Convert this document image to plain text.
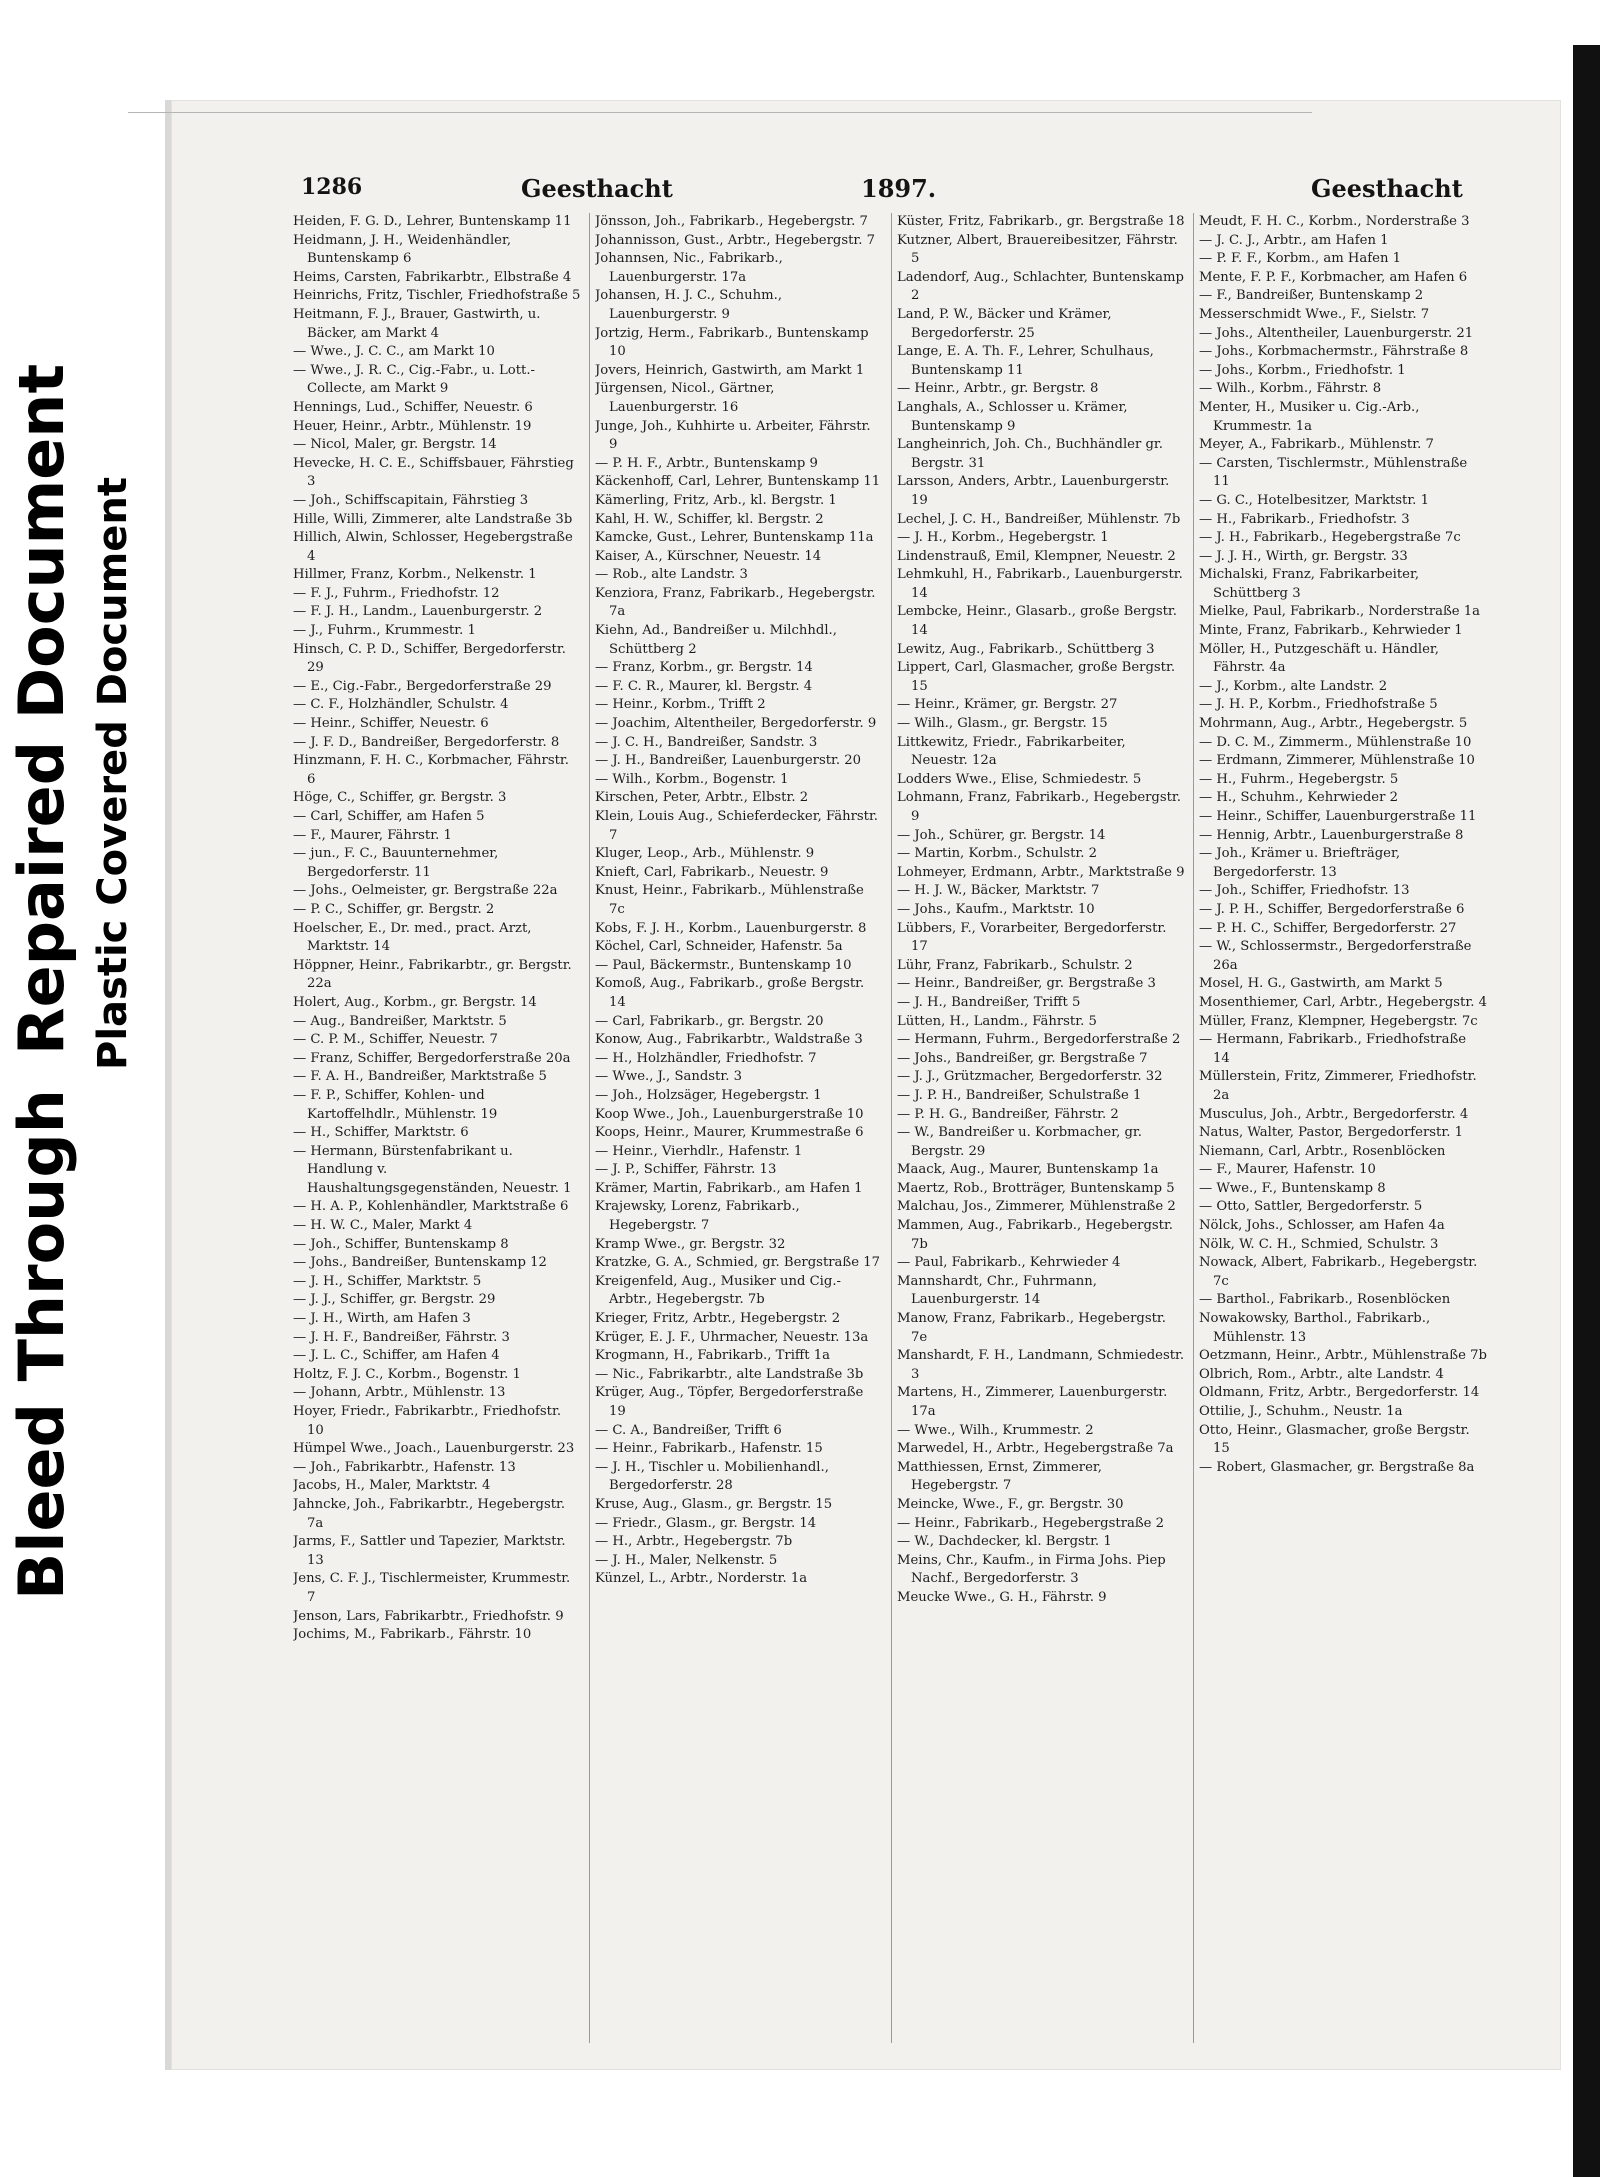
Bleed ThroughRepaired Document Plastic Covered Document
1286	Geesthacht	1897.	Geesthacht

Heiden, F. G. D., Lehrer, Buntenskamp 11

Heidmann, J. H., Weidenhändler, Buntenskamp 6

Heims, Carsten, Fabrikarbtr., Elbstraße 4

Heinrichs, Fritz, Tischler, Friedhofstraße 5

Heitmann, F. J., Brauer, Gastwirth, u. Bäcker, am Markt 4

— Wwe., J. C. C., am Markt 10

— Wwe., J. R. C., Cig.-Fabr., u. Lott.-Collecte, am Markt 9

Hennings, Lud., Schiffer, Neuestr. 6

Heuer, Heinr., Arbtr., Mühlenstr. 19

— Nicol, Maler, gr. Bergstr. 14

Hevecke, H. C. E., Schiffsbauer, Fährstieg 3

— Joh., Schiffscapitain, Fährstieg 3

Hille, Willi, Zimmerer, alte Landstraße 3b

Hillich, Alwin, Schlosser, Hegebergstraße 4

Hillmer, Franz, Korbm., Nelkenstr. 1

— F. J., Fuhrm., Friedhofstr. 12

— F. J. H., Landm., Lauenburgerstr. 2

— J., Fuhrm., Krummestr. 1

Hinsch, C. P. D., Schiffer, Bergedorferstr. 29

— E., Cig.-Fabr., Bergedorferstraße 29

— C. F., Holzhändler, Schulstr. 4

— Heinr., Schiffer, Neuestr. 6

— J. F. D., Bandreißer, Bergedorferstr. 8

Hinzmann, F. H. C., Korbmacher, Fährstr. 6

Höge, C., Schiffer, gr. Bergstr. 3

— Carl, Schiffer, am Hafen 5

— F., Maurer, Fährstr. 1

— jun., F. C., Bauunternehmer, Bergedorferstr. 11

— Johs., Oelmeister, gr. Bergstraße 22a

— P. C., Schiffer, gr. Bergstr. 2

Hoelscher, E., Dr. med., pract. Arzt, Marktstr. 14

Höppner, Heinr., Fabrikarbtr., gr. Bergstr. 22a

Holert, Aug., Korbm., gr. Bergstr. 14

— Aug., Bandreißer, Marktstr. 5

— C. P. M., Schiffer, Neuestr. 7

— Franz, Schiffer, Bergedorferstraße 20a

— F. A. H., Bandreißer, Marktstraße 5

— F. P., Schiffer, Kohlen- und Kartoffelhdlr., Mühlenstr. 19

— H., Schiffer, Marktstr. 6

— Hermann, Bürstenfabrikant u. Handlung v. Haushaltungsgegenständen, Neuestr. 1

— H. A. P., Kohlenhändler, Marktstraße 6

— H. W. C., Maler, Markt 4

— Joh., Schiffer, Buntenskamp 8

— Johs., Bandreißer, Buntenskamp 12

— J. H., Schiffer, Marktstr. 5

— J. J., Schiffer, gr. Bergstr. 29

— J. H., Wirth, am Hafen 3

— J. H. F., Bandreißer, Fährstr. 3

— J. L. C., Schiffer, am Hafen 4

Holtz, F. J. C., Korbm., Bogenstr. 1

— Johann, Arbtr., Mühlenstr. 13

Hoyer, Friedr., Fabrikarbtr., Friedhofstr. 10

Hümpel Wwe., Joach., Lauenburgerstr. 23

— Joh., Fabrikarbtr., Hafenstr. 13

Jacobs, H., Maler, Marktstr. 4

Jahncke, Joh., Fabrikarbtr., Hegebergstr. 7a

Jarms, F., Sattler und Tapezier, Marktstr. 13

Jens, C. F. J., Tischlermeister, Krummestr. 7

Jenson, Lars, Fabrikarbtr., Friedhofstr. 9

Jochims, M., Fabrikarb., Fährstr. 10

Jönsson, Joh., Fabrikarb., Hegebergstr. 7

Johannisson, Gust., Arbtr., Hegebergstr. 7

Johannsen, Nic., Fabrikarb., Lauenburgerstr. 17a

Johansen, H. J. C., Schuhm., Lauenburgerstr. 9

Jortzig, Herm., Fabrikarb., Buntenskamp 10

Jovers, Heinrich, Gastwirth, am Markt 1

Jürgensen, Nicol., Gärtner, Lauenburgerstr. 16

Junge, Joh., Kuhhirte u. Arbeiter, Fährstr. 9

— P. H. F., Arbtr., Buntenskamp 9

Käckenhoff, Carl, Lehrer, Buntenskamp 11

Kämerling, Fritz, Arb., kl. Bergstr. 1

Kahl, H. W., Schiffer, kl. Bergstr. 2

Kamcke, Gust., Lehrer, Buntenskamp 11a

Kaiser, A., Kürschner, Neuestr. 14

— Rob., alte Landstr. 3

Kenziora, Franz, Fabrikarb., Hegebergstr. 7a

Kiehn, Ad., Bandreißer u. Milchhdl., Schüttberg 2

— Franz, Korbm., gr. Bergstr. 14

— F. C. R., Maurer, kl. Bergstr. 4

— Heinr., Korbm., Trifft 2

— Joachim, Altentheiler, Bergedorferstr. 9

— J. C. H., Bandreißer, Sandstr. 3

— J. H., Bandreißer, Lauenburgerstr. 20

— Wilh., Korbm., Bogenstr. 1

Kirschen, Peter, Arbtr., Elbstr. 2

Klein, Louis Aug., Schieferdecker, Fährstr. 7

Kluger, Leop., Arb., Mühlenstr. 9

Knieft, Carl, Fabrikarb., Neuestr. 9

Knust, Heinr., Fabrikarb., Mühlenstraße 7c

Kobs, F. J. H., Korbm., Lauenburgerstr. 8

Köchel, Carl, Schneider, Hafenstr. 5a

— Paul, Bäckermstr., Buntenskamp 10

Komoß, Aug., Fabrikarb., große Bergstr. 14

— Carl, Fabrikarb., gr. Bergstr. 20

Konow, Aug., Fabrikarbtr., Waldstraße 3

— H., Holzhändler, Friedhofstr. 7

— Wwe., J., Sandstr. 3

— Joh., Holzsäger, Hegebergstr. 1

Koop Wwe., Joh., Lauenburgerstraße 10

Koops, Heinr., Maurer, Krummestraße 6

— Heinr., Vierhdlr., Hafenstr. 1

— J. P., Schiffer, Fährstr. 13

Krämer, Martin, Fabrikarb., am Hafen 1

Krajewsky, Lorenz, Fabrikarb., Hegebergstr. 7

Kramp Wwe., gr. Bergstr. 32

Kratzke, G. A., Schmied, gr. Bergstraße 17

Kreigenfeld, Aug., Musiker und Cig.-Arbtr., Hegebergstr. 7b

Krieger, Fritz, Arbtr., Hegebergstr. 2

Krüger, E. J. F., Uhrmacher, Neuestr. 13a

Krogmann, H., Fabrikarb., Trifft 1a

— Nic., Fabrikarbtr., alte Landstraße 3b

Krüger, Aug., Töpfer, Bergedorferstraße 19

— C. A., Bandreißer, Trifft 6

— Heinr., Fabrikarb., Hafenstr. 15

— J. H., Tischler u. Mobilienhandl., Bergedorferstr. 28

Kruse, Aug., Glasm., gr. Bergstr. 15

— Friedr., Glasm., gr. Bergstr. 14

— H., Arbtr., Hegebergstr. 7b

— J. H., Maler, Nelkenstr. 5

Künzel, L., Arbtr., Norderstr. 1a

Küster, Fritz, Fabrikarb., gr. Bergstraße 18

Kutzner, Albert, Brauereibesitzer, Fährstr. 5

Ladendorf, Aug., Schlachter, Buntenskamp 2

Land, P. W., Bäcker und Krämer, Bergedorferstr. 25

Lange, E. A. Th. F., Lehrer, Schulhaus, Buntenskamp 11

— Heinr., Arbtr., gr. Bergstr. 8

Langhals, A., Schlosser u. Krämer, Buntenskamp 9

Langheinrich, Joh. Ch., Buchhändler gr. Bergstr. 31

Larsson, Anders, Arbtr., Lauenburgerstr. 19

Lechel, J. C. H., Bandreißer, Mühlenstr. 7b

— J. H., Korbm., Hegebergstr. 1

Lindenstrauß, Emil, Klempner, Neuestr. 2

Lehmkuhl, H., Fabrikarb., Lauenburgerstr. 14

Lembcke, Heinr., Glasarb., große Bergstr. 14

Lewitz, Aug., Fabrikarb., Schüttberg 3

Lippert, Carl, Glasmacher, große Bergstr. 15

— Heinr., Krämer, gr. Bergstr. 27

— Wilh., Glasm., gr. Bergstr. 15

Littkewitz, Friedr., Fabrikarbeiter, Neuestr. 12a

Lodders Wwe., Elise, Schmiedestr. 5

Lohmann, Franz, Fabrikarb., Hegebergstr. 9

— Joh., Schürer, gr. Bergstr. 14

— Martin, Korbm., Schulstr. 2

Lohmeyer, Erdmann, Arbtr., Marktstraße 9

— H. J. W., Bäcker, Marktstr. 7

— Johs., Kaufm., Marktstr. 10

Lübbers, F., Vorarbeiter, Bergedorferstr. 17

Lühr, Franz, Fabrikarb., Schulstr. 2

— Heinr., Bandreißer, gr. Bergstraße 3

— J. H., Bandreißer, Trifft 5

Lütten, H., Landm., Fährstr. 5

— Hermann, Fuhrm., Bergedorferstraße 2

— Johs., Bandreißer, gr. Bergstraße 7

— J. J., Grützmacher, Bergedorferstr. 32

— J. P. H., Bandreißer, Schulstraße 1

— P. H. G., Bandreißer, Fährstr. 2

— W., Bandreißer u. Korbmacher, gr. Bergstr. 29

Maack, Aug., Maurer, Buntenskamp 1a

Maertz, Rob., Brotträger, Buntenskamp 5

Malchau, Jos., Zimmerer, Mühlenstraße 2

Mammen, Aug., Fabrikarb., Hegebergstr. 7b

— Paul, Fabrikarb., Kehrwieder 4

Mannshardt, Chr., Fuhrmann, Lauenburgerstr. 14

Manow, Franz, Fabrikarb., Hegebergstr. 7e

Manshardt, F. H., Landmann, Schmiedestr. 3

Martens, H., Zimmerer, Lauenburgerstr. 17a

— Wwe., Wilh., Krummestr. 2

Marwedel, H., Arbtr., Hegebergstraße 7a

Matthiessen, Ernst, Zimmerer, Hegebergstr. 7

Meincke, Wwe., F., gr. Bergstr. 30

— Heinr., Fabrikarb., Hegebergstraße 2

— W., Dachdecker, kl. Bergstr. 1

Meins, Chr., Kaufm., in Firma Johs. Piep Nachf., Bergedorferstr. 3

Meucke Wwe., G. H., Fährstr. 9

Meudt, F. H. C., Korbm., Norderstraße 3

— J. C. J., Arbtr., am Hafen 1

— P. F. F., Korbm., am Hafen 1

Mente, F. P. F., Korbmacher, am Hafen 6

— F., Bandreißer, Buntenskamp 2

Messerschmidt Wwe., F., Sielstr. 7

— Johs., Altentheiler, Lauenburgerstr. 21

— Johs., Korbmachermstr., Fährstraße 8

— Johs., Korbm., Friedhofstr. 1

— Wilh., Korbm., Fährstr. 8

Menter, H., Musiker u. Cig.-Arb., Krummestr. 1a

Meyer, A., Fabrikarb., Mühlenstr. 7

— Carsten, Tischlermstr., Mühlenstraße 11

— G. C., Hotelbesitzer, Marktstr. 1

— H., Fabrikarb., Friedhofstr. 3

— J. H., Fabrikarb., Hegebergstraße 7c

— J. J. H., Wirth, gr. Bergstr. 33

Michalski, Franz, Fabrikarbeiter, Schüttberg 3

Mielke, Paul, Fabrikarb., Norderstraße 1a

Minte, Franz, Fabrikarb., Kehrwieder 1

Möller, H., Putzgeschäft u. Händler, Fährstr. 4a

— J., Korbm., alte Landstr. 2

— J. H. P., Korbm., Friedhofstraße 5

Mohrmann, Aug., Arbtr., Hegebergstr. 5

— D. C. M., Zimmerm., Mühlenstraße 10

— Erdmann, Zimmerer, Mühlenstraße 10

— H., Fuhrm., Hegebergstr. 5

— H., Schuhm., Kehrwieder 2

— Heinr., Schiffer, Lauenburgerstraße 11

— Hennig, Arbtr., Lauenburgerstraße 8

— Joh., Krämer u. Briefträger, Bergedorferstr. 13

— Joh., Schiffer, Friedhofstr. 13

— J. P. H., Schiffer, Bergedorferstraße 6

— P. H. C., Schiffer, Bergedorferstr. 27

— W., Schlossermstr., Bergedorferstraße 26a

Mosel, H. G., Gastwirth, am Markt 5

Mosenthiemer, Carl, Arbtr., Hegebergstr. 4

Müller, Franz, Klempner, Hegebergstr. 7c

— Hermann, Fabrikarb., Friedhofstraße 14

Müllerstein, Fritz, Zimmerer, Friedhofstr. 2a

Musculus, Joh., Arbtr., Bergedorferstr. 4

Natus, Walter, Pastor, Bergedorferstr. 1

Niemann, Carl, Arbtr., Rosenblöcken

— F., Maurer, Hafenstr. 10

— Wwe., F., Buntenskamp 8

— Otto, Sattler, Bergedorferstr. 5

Nölck, Johs., Schlosser, am Hafen 4a

Nölk, W. C. H., Schmied, Schulstr. 3

Nowack, Albert, Fabrikarb., Hegebergstr. 7c

— Barthol., Fabrikarb., Rosenblöcken

Nowakowsky, Barthol., Fabrikarb., Mühlenstr. 13

Oetzmann, Heinr., Arbtr., Mühlenstraße 7b

Olbrich, Rom., Arbtr., alte Landstr. 4

Oldmann, Fritz, Arbtr., Bergedorferstr. 14

Ottilie, J., Schuhm., Neustr. 1a

Otto, Heinr., Glasmacher, große Bergstr. 15

— Robert, Glasmacher, gr. Bergstraße 8a
